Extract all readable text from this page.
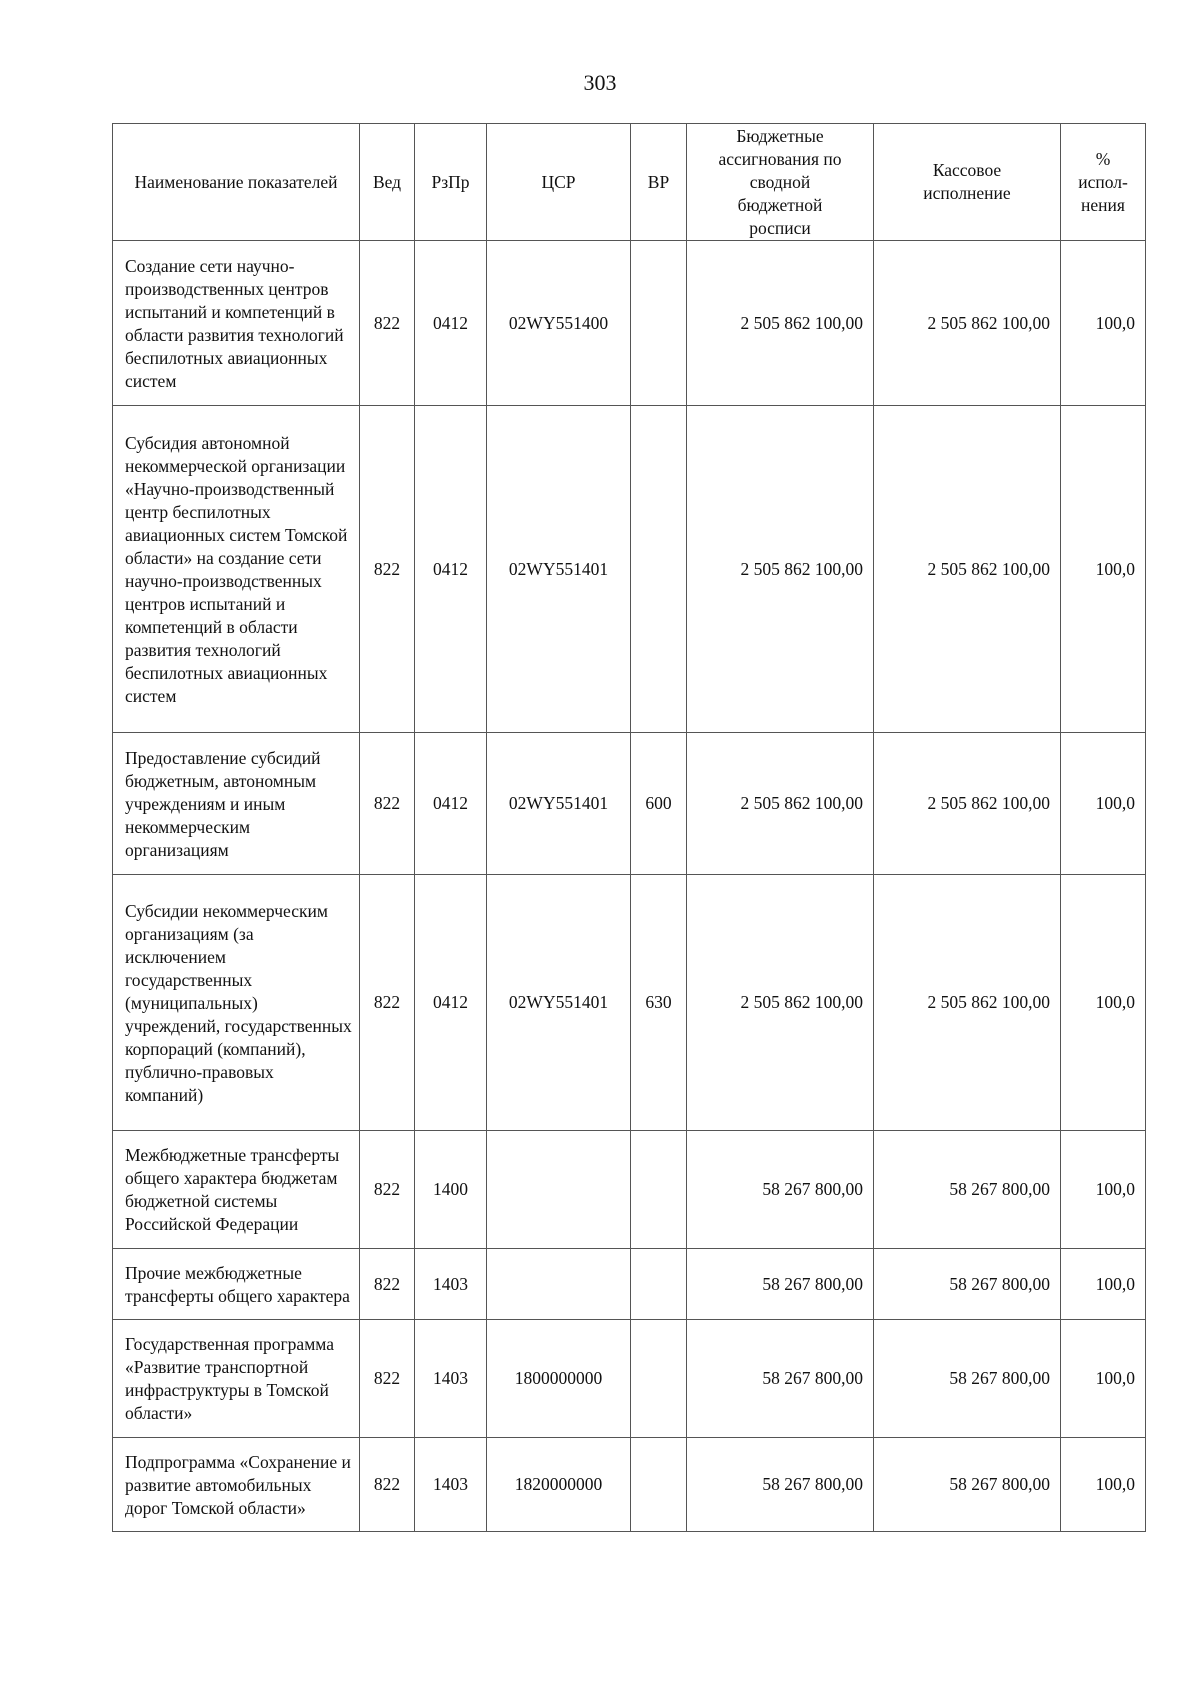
303
Наименование показателей	Вед	РзПр	ЦСР	ВР	Бюджетные ассигнования по сводной бюджетной росписи	Кассовое исполнение	% испол-нения
Создание сети научно-производственных центров испытаний и компетенций в области развития технологий беспилотных авиационных систем	822	0412	02WY551400		2 505 862 100,00	2 505 862 100,00	100,0
Субсидия автономной некоммерческой организации «Научно-производственный центр беспилотных авиационных систем Томской области» на создание сети научно-производственных центров испытаний и компетенций в области развития технологий беспилотных авиационных систем	822	0412	02WY551401		2 505 862 100,00	2 505 862 100,00	100,0
Предоставление субсидий бюджетным, автономным учреждениям и иным некоммерческим организациям	822	0412	02WY551401	600	2 505 862 100,00	2 505 862 100,00	100,0
Субсидии некоммерческим организациям (за исключением государственных (муниципальных) учреждений, государственных корпораций (компаний), публично-правовых компаний)	822	0412	02WY551401	630	2 505 862 100,00	2 505 862 100,00	100,0
Межбюджетные трансферты общего характера бюджетам бюджетной системы Российской Федерации	822	1400			58 267 800,00	58 267 800,00	100,0
Прочие межбюджетные трансферты общего характера	822	1403			58 267 800,00	58 267 800,00	100,0
Государственная программа «Развитие транспортной инфраструктуры в Томской области»	822	1403	1800000000		58 267 800,00	58 267 800,00	100,0
Подпрограмма «Сохранение и развитие автомобильных дорог Томской области»	822	1403	1820000000		58 267 800,00	58 267 800,00	100,0
